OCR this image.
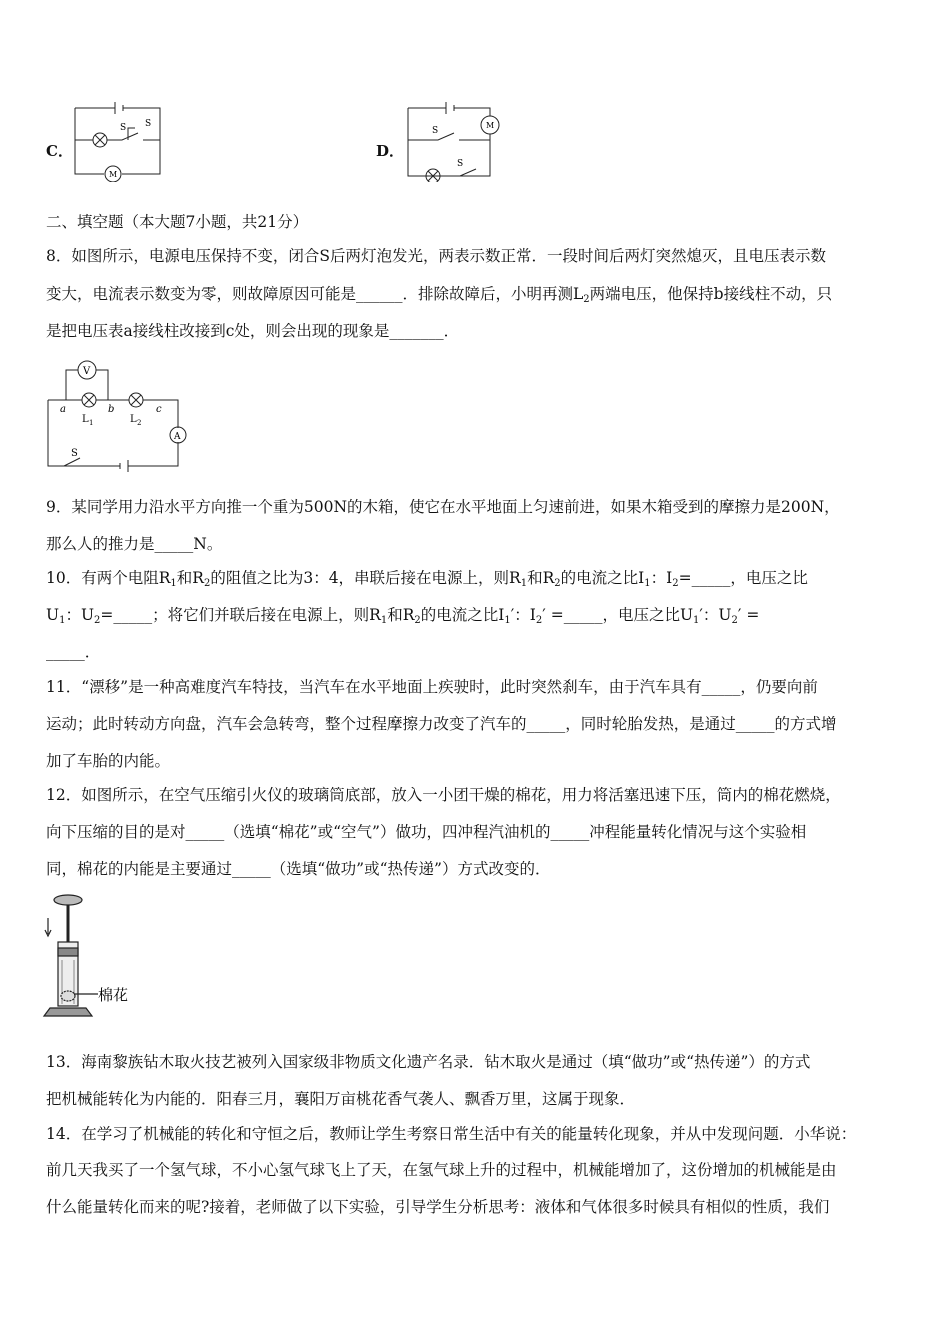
C．
S S
M
D．
S
S
M
二、填空题（本大题7小题，共21分）
8．如图所示，电源电压保持不变，闭合S后两灯泡发光，两表示数正常．一段时间后两灯突然熄灭，且电压表示数
变大，电流表示数变为零，则故障原因可能是______．排除故障后，小明再测$L_2$两端电压，他保持b接线柱不动，只
是把电压表a接线柱改接到c处，则会出现的现象是_______．
V
A
a	b	c
L 1	L 2
S
9．某同学用力沿水平方向推一个重为500N的木箱，使它在水平地面上匀速前进，如果木箱受到的摩擦力是200N，
那么人的推力是_____N。
10．有两个电阻$R_1$和$R_2$的阻值之比为3：4，串联后接在电源上，则$R_1$和$R_2$的电流之比$I_1$：$I_2=\_\_\_\_\_$，电压之比
$U_1$：$U_2=\_\_\_\_\_$；将它们并联后接在电源上，则$R_1$和$R_2$的电流之比$I_1'$：$I_2'$ =_____，电压之比$U_1'$：$U_2'$ =
_____．
11．“漂移”是一种高难度汽车特技，当汽车在水平地面上疾驶时，此时突然刹车，由于汽车具有_____，仍要向前
运动；此时转动方向盘，汽车会急转弯，整个过程摩擦力改变了汽车的_____，同时轮胎发热，是通过_____的方式增
加了车胎的内能。
12．如图所示，在空气压缩引火仪的玻璃筒底部，放入一小团干燥的棉花，用力将活塞迅速下压，筒内的棉花燃烧，
向下压缩的目的是对_____（选填“棉花”或“空气”）做功，四冲程汽油机的_____冲程能量转化情况与这个实验相
同，棉花的内能是主要通过_____（选填“做功”或“热传递”）方式改变的．
棉花
13．海南黎族钻木取火技艺被列入国家级非物质文化遗产名录．钻木取火是通过（填“做功”或“热传递”）的方式
把机械能转化为内能的．阳春三月，襄阳万亩桃花香气袭人、飘香万里，这属于现象．
14．在学习了机械能的转化和守恒之后，教师让学生考察日常生活中有关的能量转化现象，并从中发现问题．小华说：
前几天我买了一个氢气球，不小心氢气球飞上了天，在氢气球上升的过程中，机械能增加了，这份增加的机械能是由
什么能量转化而来的呢?接着，老师做了以下实验，引导学生分析思考：液体和气体很多时候具有相似的性质，我们
